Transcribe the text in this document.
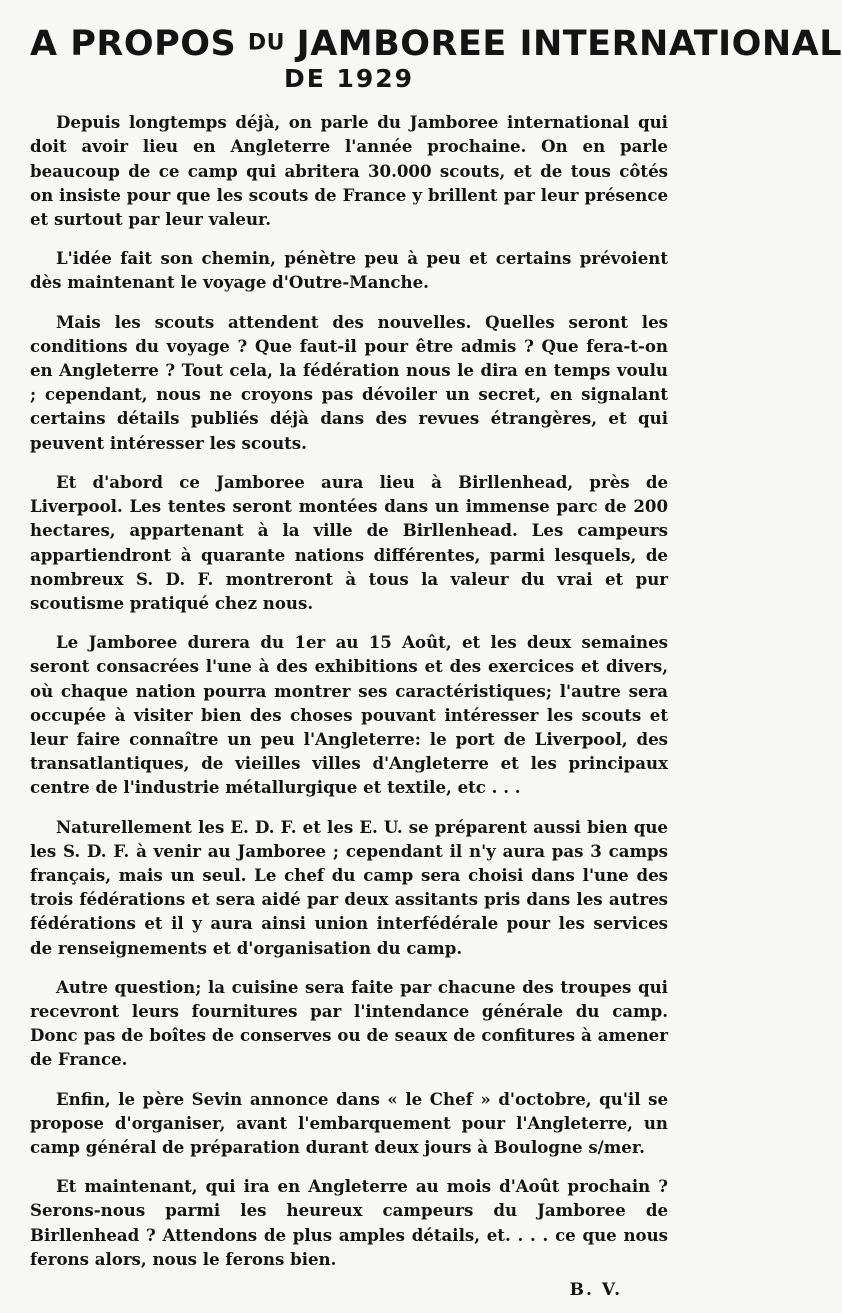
A PROPOS DU JAMBOREE INTERNATIONAL
DE 1929

Depuis longtemps déjà, on parle du Jamboree international qui doit avoir lieu en Angleterre l'année prochaine. On en parle beaucoup de ce camp qui abritera 30.000 scouts, et de tous côtés on insiste pour que les scouts de France y brillent par leur présence et surtout par leur valeur.

L'idée fait son chemin, pénètre peu à peu et certains prévoient dès maintenant le voyage d'Outre-Manche.

Mais les scouts attendent des nouvelles. Quelles seront les conditions du voyage ? Que faut-il pour être admis ? Que fera-t-on en Angleterre ? Tout cela, la fédération nous le dira en temps voulu ; cependant, nous ne croyons pas dévoiler un secret, en signalant certains détails publiés déjà dans des revues étrangères, et qui peuvent intéresser les scouts.

Et d'abord ce Jamboree aura lieu à Birllenhead, près de Liverpool. Les tentes seront montées dans un immense parc de 200 hectares, appartenant à la ville de Birllenhead. Les campeurs appartiendront à quarante nations différentes, parmi lesquels, de nombreux S. D. F. montreront à tous la valeur du vrai et pur scoutisme pratiqué chez nous.

Le Jamboree durera du 1er au 15 Août, et les deux semaines seront consacrées l'une à des exhibitions et des exercices et divers, où chaque nation pourra montrer ses caractéristiques; l'autre sera occupée à visiter bien des choses pouvant intéresser les scouts et leur faire connaître un peu l'Angleterre: le port de Liverpool, des transatlantiques, de vieilles villes d'Angleterre et les principaux centre de l'industrie métallurgique et textile, etc . . .

Naturellement les E. D. F. et les E. U. se préparent aussi bien que les S. D. F. à venir au Jamboree ; cependant il n'y aura pas 3 camps français, mais un seul. Le chef du camp sera choisi dans l'une des trois fédérations et sera aidé par deux assitants pris dans les autres fédérations et il y aura ainsi union interfédérale pour les services de renseignements et d'organisation du camp.

Autre question; la cuisine sera faite par chacune des troupes qui recevront leurs fournitures par l'intendance générale du camp. Donc pas de boîtes de conserves ou de seaux de confitures à amener de France.

Enfin, le père Sevin annonce dans « le Chef » d'octobre, qu'il se propose d'organiser, avant l'embarquement pour l'Angleterre, un camp général de préparation durant deux jours à Boulogne s/mer.

Et maintenant, qui ira en Angleterre au mois d'Août prochain ? Serons-nous parmi les heureux campeurs du Jamboree de Birllenhead ? Attendons de plus amples détails, et. . . . ce que nous ferons alors, nous le ferons bien.

B. V.
